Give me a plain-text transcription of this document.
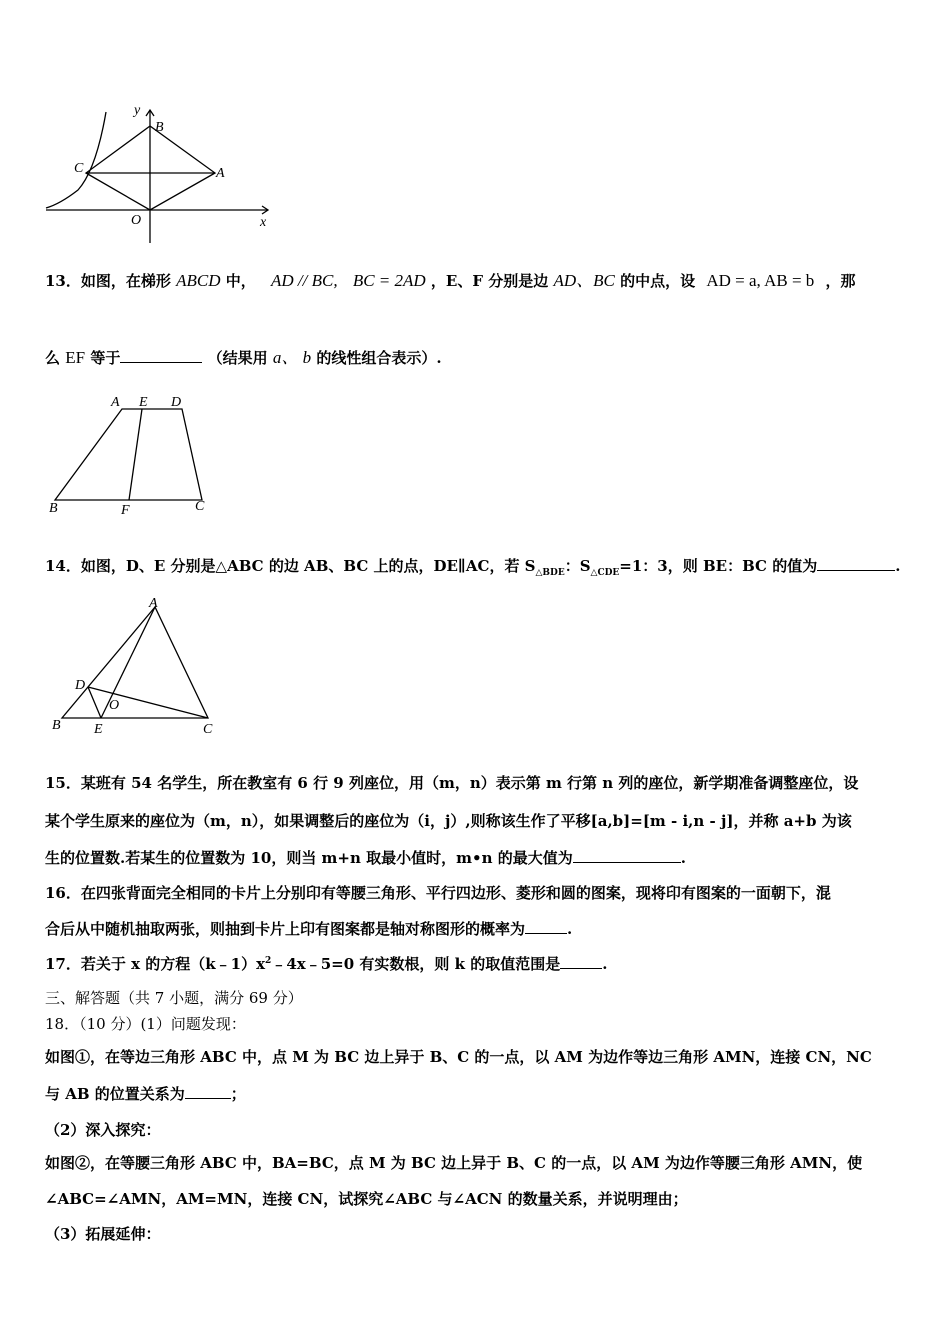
y
B
C	A
O	x
13．如图，在梯形 ABCD 中， AD // BC, BC = 2AD ，E、F 分别是边 AD、BC 的中点，设 AD = a, AB = b ，那
么 EF 等于	（结果用 a、 b 的线性组合表示）.
A E D
B	F	C
14．如图，D、E 分别是△ABC 的边 AB、BC 上的点，DE∥AC，若 $S_{\triangle BDE}$：$S_{\triangle CDE}=1$：3，则 BE：BC 的值为	.
A
D
O
B E	C
15．某班有 54 名学生，所在教室有 6 行 9 列座位，用（m，n）表示第 m 行第 n 列的座位，新学期准备调整座位，设
某个学生原来的座位为（m，n），如果调整后的座位为（i，j）,则称该生作了平移[a,b]=[m - i,n - j]，并称 a+b 为该
生的位置数.若某生的位置数为 10，则当 m+n 取最小值时，m•n 的最大值为	.
16．在四张背面完全相同的卡片上分别印有等腰三角形、平行四边形、菱形和圆的图案，现将印有图案的一面朝下，混
合后从中随机抽取两张，则抽到卡片上印有图案都是轴对称图形的概率为	.
17．若关于 x 的方程$(k﹣1)x^2﹣4x﹣5=0$ 有实数根，则 k 的取值范围是	.
三、解答题（共 7 小题，满分 69 分）
18．（10 分）(1）问题发现：
如图①，在等边三角形 ABC 中，点 M 为 BC 边上异于 B、C 的一点，以 AM 为边作等边三角形 AMN，连接 CN，NC
与 AB 的位置关系为	；
（2）深入探究：
如图②，在等腰三角形 ABC 中，BA=BC，点 M 为 BC 边上异于 B、C 的一点，以 AM 为边作等腰三角形 AMN，使
∠ABC=∠AMN，AM=MN，连接 CN，试探究∠ABC 与∠ACN 的数量关系，并说明理由；
（3）拓展延伸：
